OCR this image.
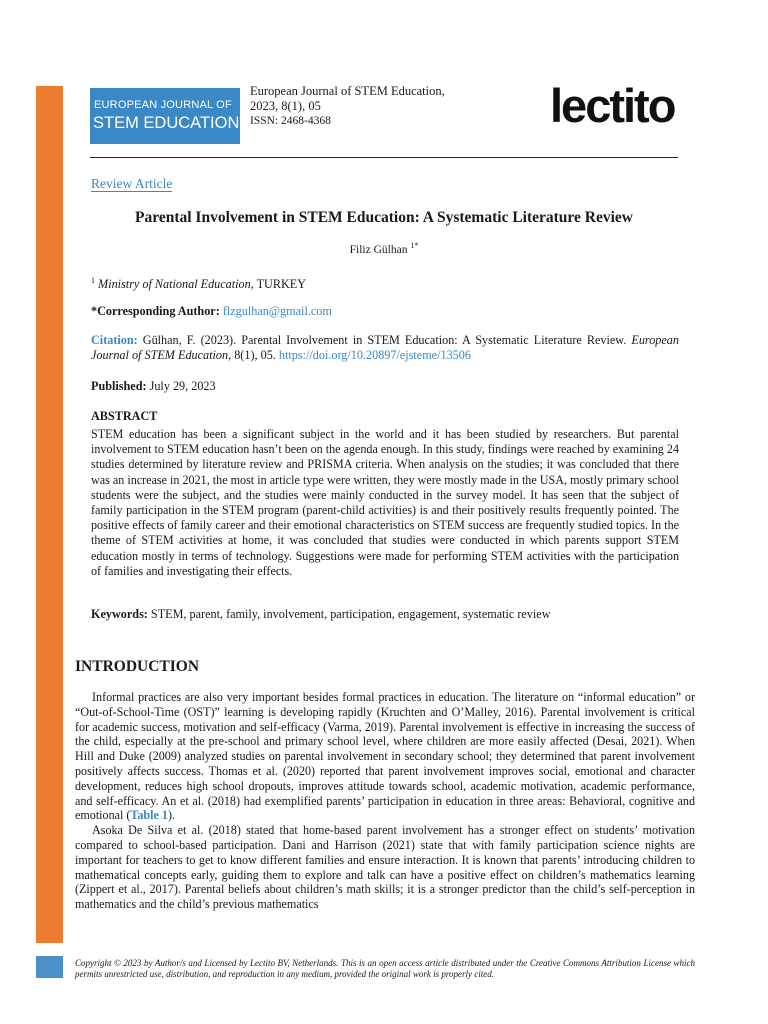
EUROPEAN JOURNAL OF
STEM EDUCATION
European Journal of STEM Education,
2023, 8(1), 05
ISSN: 2468-4368	lectito
Review Article
Parental Involvement in STEM Education: A Systematic Literature Review
Filiz Gülhan $^{1*}$
$^1$ Ministry of National Education, TURKEY
*Corresponding Author: flzgulhan@gmail.com
Citation: Gülhan, F. (2023). Parental Involvement in STEM Education: A Systematic Literature Review. European Journal of STEM Education, 8(1), 05. https://doi.org/10.20897/ejsteme/13506
Published: July 29, 2023
ABSTRACT
STEM education has been a significant subject in the world and it has been studied by researchers. But parental involvement to STEM education hasn’t been on the agenda enough. In this study, findings were reached by examining 24 studies determined by literature review and PRISMA criteria. When analysis on the studies; it was concluded that there was an increase in 2021, the most in article type were written, they were mostly made in the USA, mostly primary school students were the subject, and the studies were mainly conducted in the survey model. It has seen that the subject of family participation in the STEM program (parent-child activities) is and their positively results frequently pointed. The positive effects of family career and their emotional characteristics on STEM success are frequently studied topics. In the theme of STEM activities at home, it was concluded that studies were conducted in which parents support STEM education mostly in terms of technology. Suggestions were made for performing STEM activities with the participation of families and investigating their effects.
Keywords: STEM, parent, family, involvement, participation, engagement, systematic review
INTRODUCTION

Informal practices are also very important besides formal practices in education. The literature on “informal education” or “Out-of-School-Time (OST)” learning is developing rapidly (Kruchten and O’Malley, 2016). Parental involvement is critical for academic success, motivation and self-efficacy (Varma, 2019). Parental involvement is effective in increasing the success of the child, especially at the pre-school and primary school level, where children are more easily affected (Desai, 2021). When Hill and Duke (2009) analyzed studies on parental involvement in secondary school; they determined that parent involvement positively affects success. Thomas et al. (2020) reported that parent involvement improves social, emotional and character development, reduces high school dropouts, improves attitude towards school, academic motivation, academic performance, and self-efficacy. An et al. (2018) had exemplified parents’ participation in education in three areas: Behavioral, cognitive and emotional (Table 1).

Asoka De Silva et al. (2018) stated that home-based parent involvement has a stronger effect on students’ motivation compared to school-based participation. Dani and Harrison (2021) state that with family participation science nights are important for teachers to get to know different families and ensure interaction. It is known that parents’ introducing children to mathematical concepts early, guiding them to explore and talk can have a positive effect on children’s mathematics learning (Zippert et al., 2017). Parental beliefs about children’s math skills; it is a stronger predictor than the child’s self-perception in mathematics and the child’s previous mathematics

Copyright © 2023 by Author/s and Licensed by Lectito BV, Netherlands. This is an open access article distributed under the Creative Commons Attribution License which permits unrestricted use, distribution, and reproduction in any medium, provided the original work is properly cited.
